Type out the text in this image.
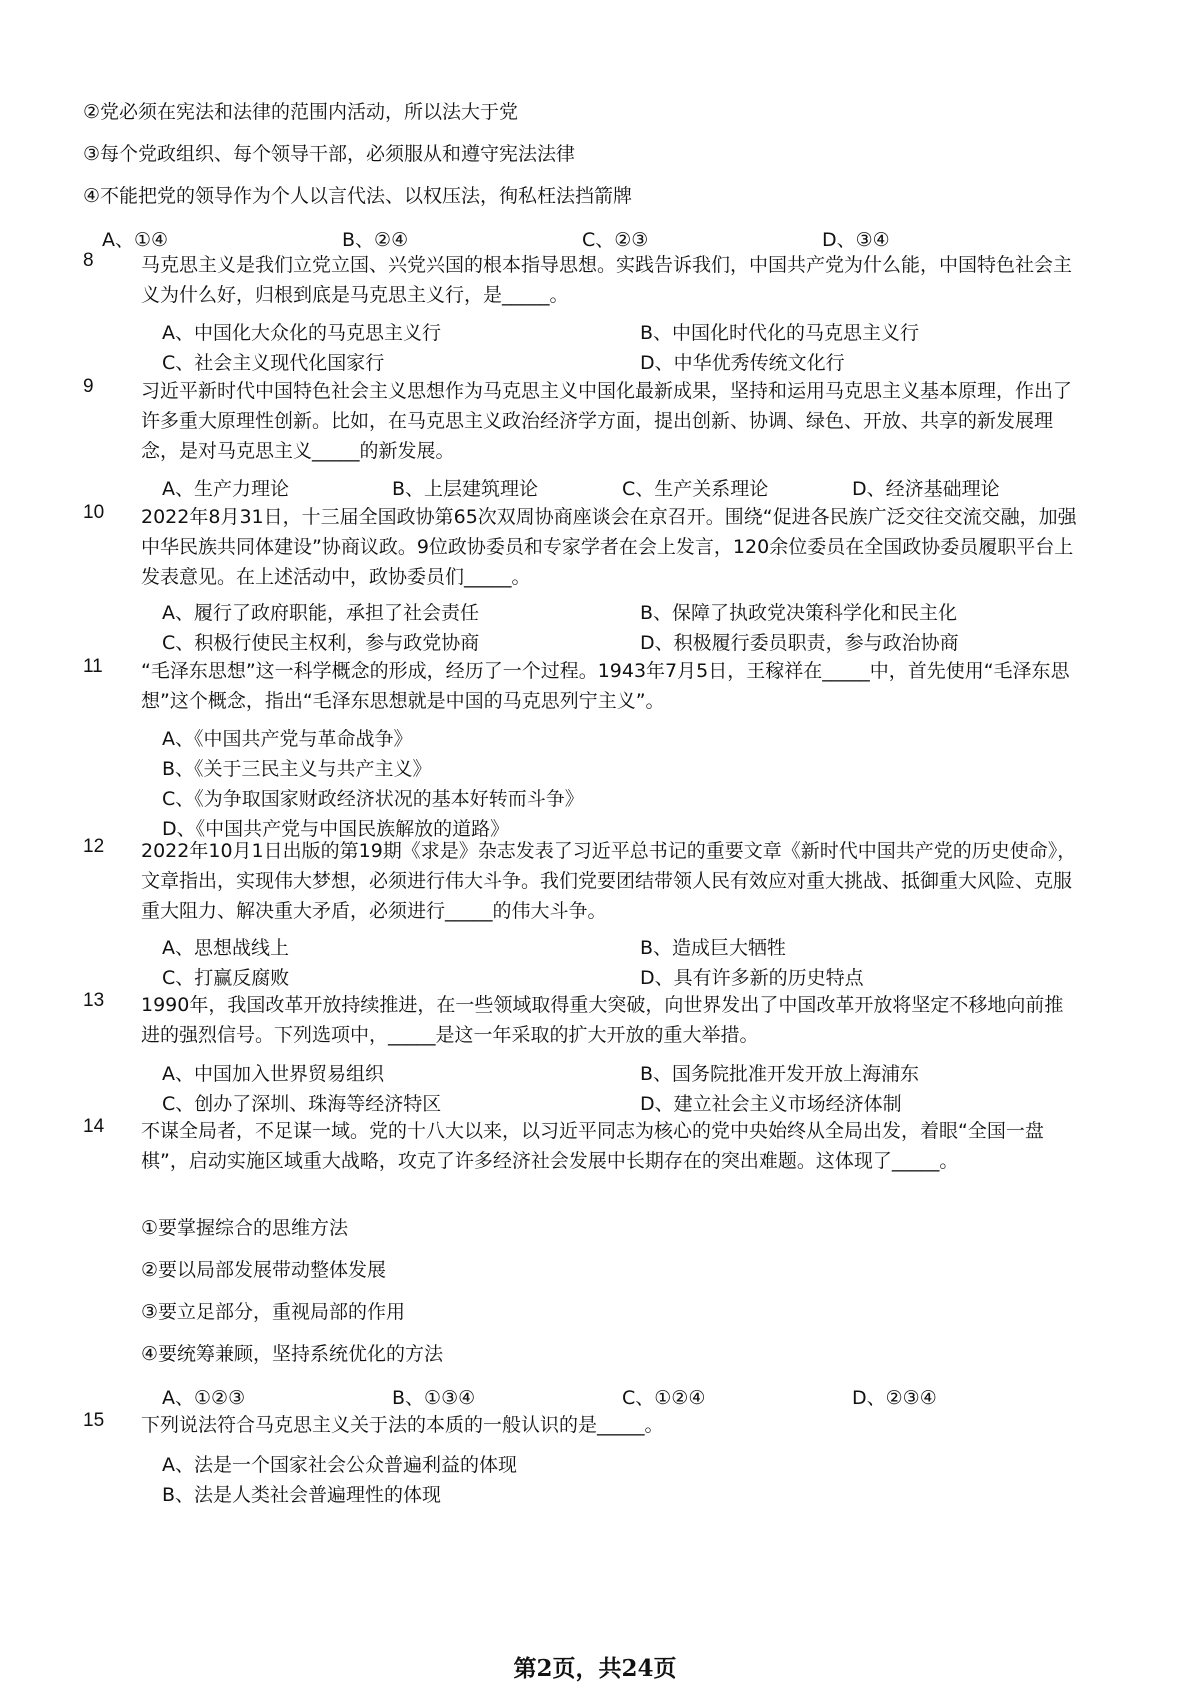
②党必须在宪法和法律的范围内活动，所以法大于党
③每个党政组织、每个领导干部，必须服从和遵守宪法法律
④不能把党的领导作为个人以言代法、以权压法，徇私枉法挡箭牌
A、①④	B、②④	C、②③	D、③④
8 马克思主义是我们立党立国、兴党兴国的根本指导思想。实践告诉我们，中国共产党为什么能，中国特色社会主义为什么好，归根到底是马克思主义行，是_____。
A、中国化大众化的马克思主义行	B、中国化时代化的马克思主义行
C、社会主义现代化国家行	D、中华优秀传统文化行
9 习近平新时代中国特色社会主义思想作为马克思主义中国化最新成果，坚持和运用马克思主义基本原理，作出了许多重大原理性创新。比如，在马克思主义政治经济学方面，提出创新、协调、绿色、开放、共享的新发展理念，是对马克思主义_____的新发展。
A、生产力理论	B、上层建筑理论	C、生产关系理论	D、经济基础理论
10 2022年8月31日，十三届全国政协第65次双周协商座谈会在京召开。围绕“促进各民族广泛交往交流交融，加强中华民族共同体建设”协商议政。9位政协委员和专家学者在会上发言，120余位委员在全国政协委员履职平台上发表意见。在上述活动中，政协委员们_____。
A、履行了政府职能，承担了社会责任	B、保障了执政党决策科学化和民主化
C、积极行使民主权利，参与政党协商	D、积极履行委员职责，参与政治协商
11 “毛泽东思想”这一科学概念的形成，经历了一个过程。1943年7月5日，王稼祥在_____中，首先使用“毛泽东思想”这个概念，指出“毛泽东思想就是中国的马克思列宁主义”。
A、《中国共产党与革命战争》
B、《关于三民主义与共产主义》
C、《为争取国家财政经济状况的基本好转而斗争》
D、《中国共产党与中国民族解放的道路》
12 2022年10月1日出版的第19期《求是》杂志发表了习近平总书记的重要文章《新时代中国共产党的历史使命》，文章指出，实现伟大梦想，必须进行伟大斗争。我们党要团结带领人民有效应对重大挑战、抵御重大风险、克服重大阻力、解决重大矛盾，必须进行_____的伟大斗争。
A、思想战线上	B、造成巨大牺牲
C、打赢反腐败	D、具有许多新的历史特点
13 1990年，我国改革开放持续推进，在一些领域取得重大突破，向世界发出了中国改革开放将坚定不移地向前推进的强烈信号。下列选项中，_____是这一年采取的扩大开放的重大举措。
A、中国加入世界贸易组织	B、国务院批准开发开放上海浦东
C、创办了深圳、珠海等经济特区	D、建立社会主义市场经济体制
14 不谋全局者，不足谋一域。党的十八大以来，以习近平同志为核心的党中央始终从全局出发，着眼“全国一盘棋”，启动实施区域重大战略，攻克了许多经济社会发展中长期存在的突出难题。这体现了_____。
①要掌握综合的思维方法
②要以局部发展带动整体发展
③要立足部分，重视局部的作用
④要统筹兼顾，坚持系统优化的方法
A、①②③	B、①③④	C、①②④	D、②③④
15 下列说法符合马克思主义关于法的本质的一般认识的是_____。
A、法是一个国家社会公众普遍利益的体现
B、法是人类社会普遍理性的体现
第2页，共24页
